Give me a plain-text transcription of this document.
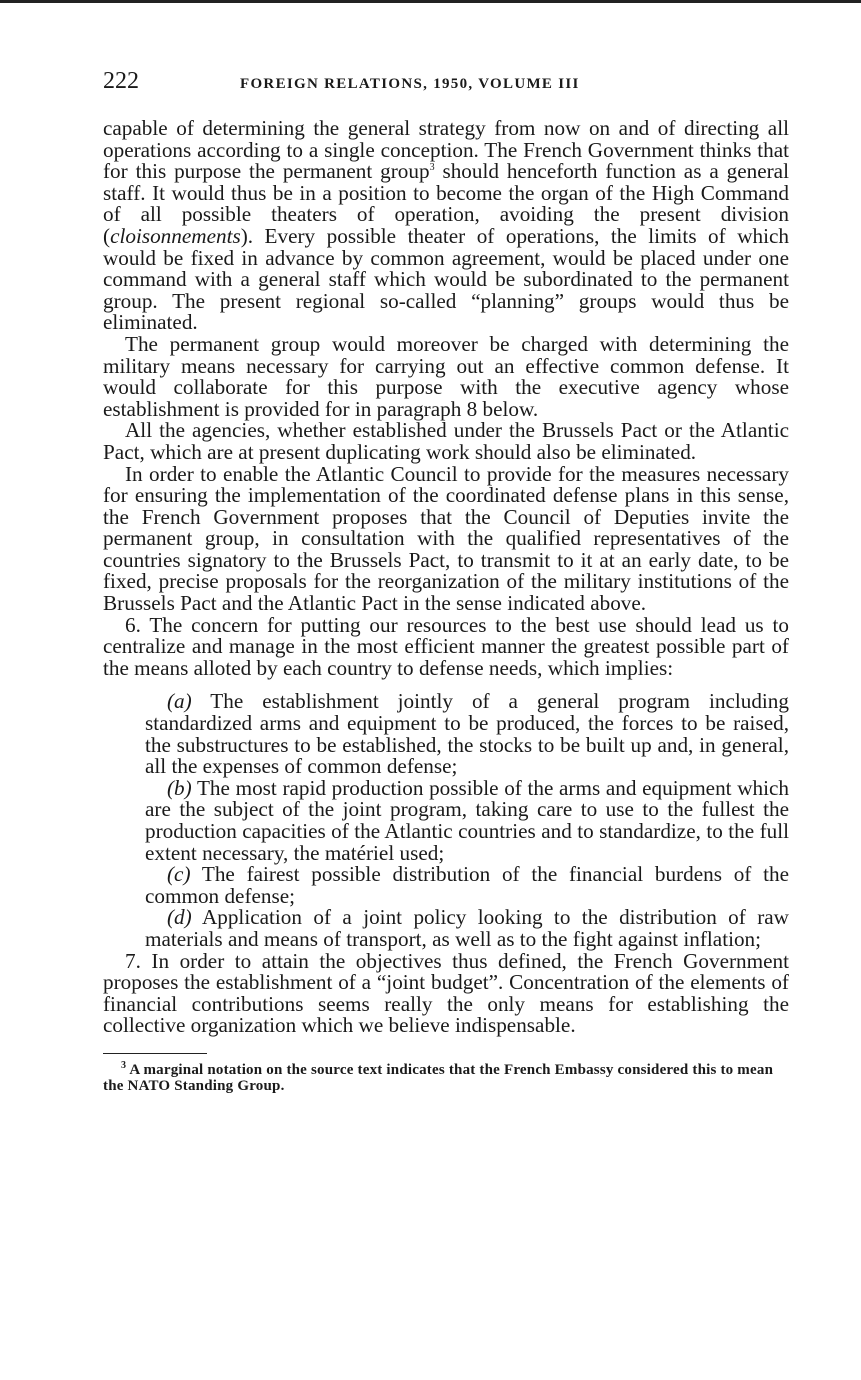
222	FOREIGN RELATIONS, 1950, VOLUME III

capable of determining the general strategy from now on and of directing all operations according to a single conception. The French Government thinks that for this purpose the permanent group$^3$ should henceforth function as a general staff. It would thus be in a position to become the organ of the High Command of all possible theaters of operation, avoiding the present division (cloisonnements). Every possible theater of operations, the limits of which would be fixed in advance by common agreement, would be placed under one command with a general staff which would be subordinated to the permanent group. The present regional so-called “planning” groups would thus be eliminated.

The permanent group would moreover be charged with determining the military means necessary for carrying out an effective common defense. It would collaborate for this purpose with the executive agency whose establishment is provided for in paragraph 8 below.

All the agencies, whether established under the Brussels Pact or the Atlantic Pact, which are at present duplicating work should also be eliminated.

In order to enable the Atlantic Council to provide for the measures necessary for ensuring the implementation of the coordinated defense plans in this sense, the French Government proposes that the Council of Deputies invite the permanent group, in consultation with the qualified representatives of the countries signatory to the Brussels Pact, to transmit to it at an early date, to be fixed, precise proposals for the reorganization of the military institutions of the Brussels Pact and the Atlantic Pact in the sense indicated above.

6. The concern for putting our resources to the best use should lead us to centralize and manage in the most efficient manner the greatest possible part of the means alloted by each country to defense needs, which implies:

(a) The establishment jointly of a general program including standardized arms and equipment to be produced, the forces to be raised, the substructures to be established, the stocks to be built up and, in general, all the expenses of common defense;

(b) The most rapid production possible of the arms and equipment which are the subject of the joint program, taking care to use to the fullest the production capacities of the Atlantic countries and to standardize, to the full extent necessary, the matériel used;

(c) The fairest possible distribution of the financial burdens of the common defense;

(d) Application of a joint policy looking to the distribution of raw materials and means of transport, as well as to the fight against inflation;

7. In order to attain the objectives thus defined, the French Government proposes the establishment of a “joint budget”. Concentration of the elements of financial contributions seems really the only means for establishing the collective organization which we believe indispensable.

$^3$ A marginal notation on the source text indicates that the French Embassy considered this to mean the NATO Standing Group.
